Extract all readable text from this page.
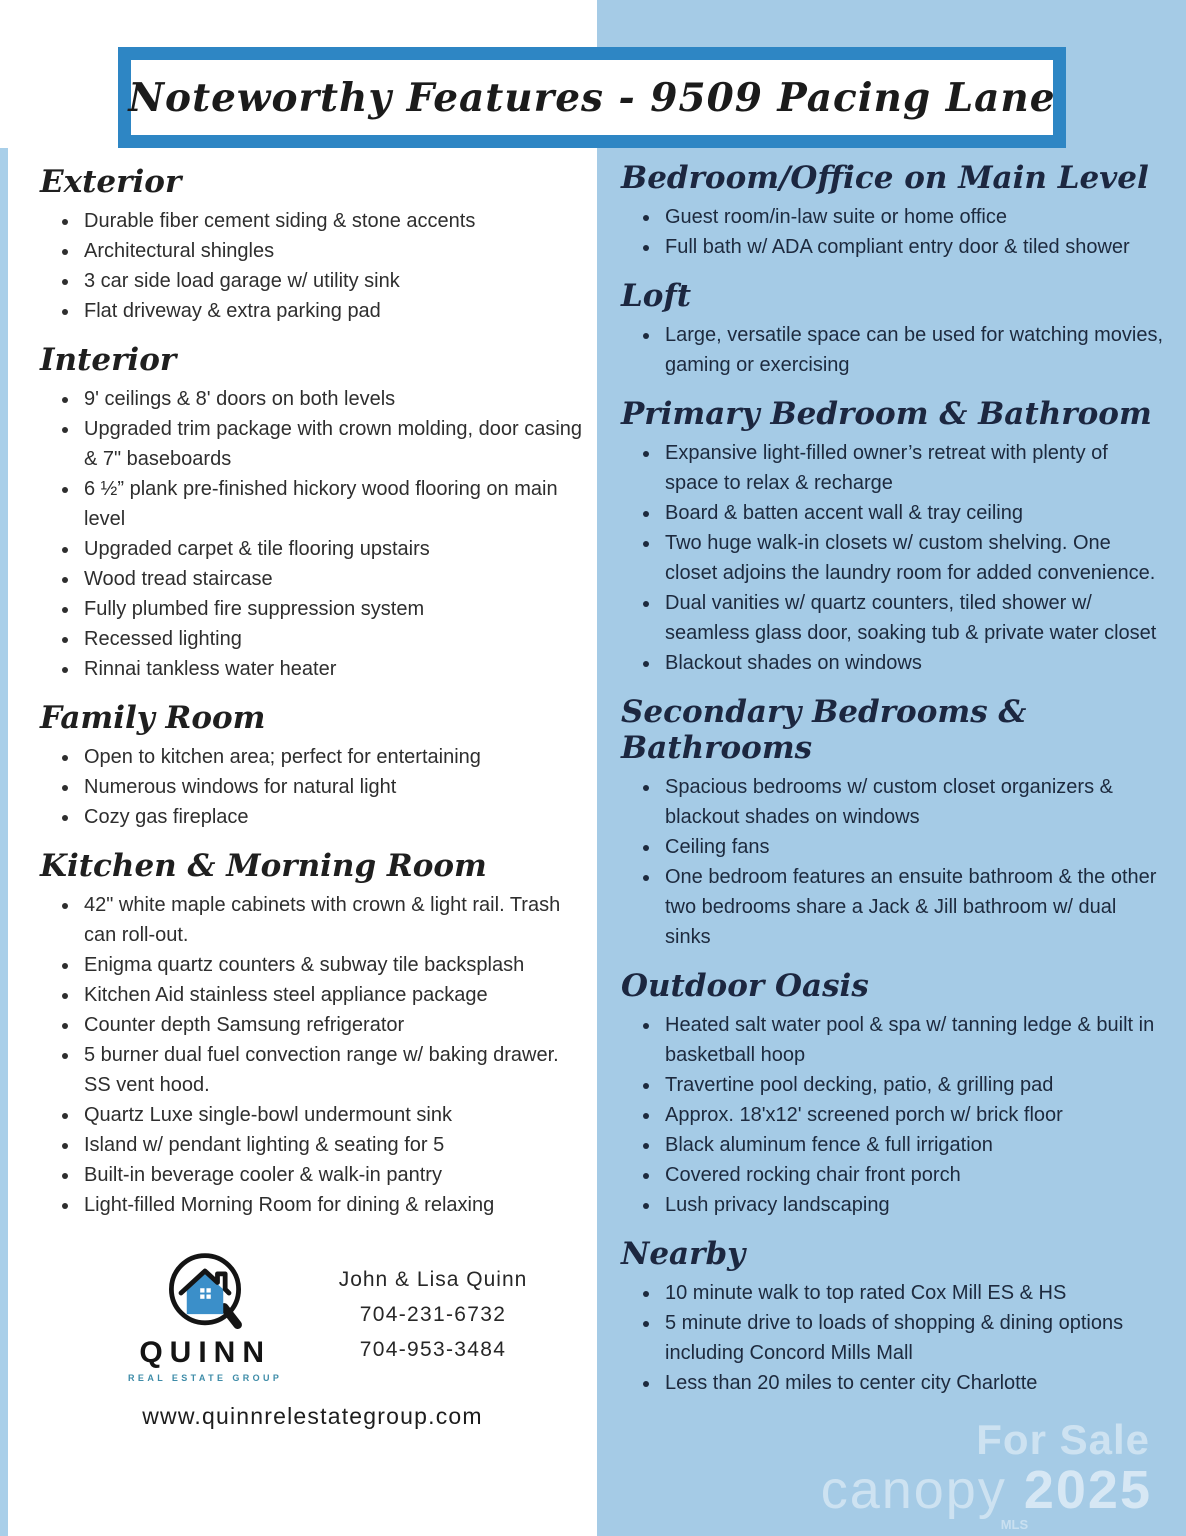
Exterior
• Durable fiber cement siding & stone accents
• Architectural shingles
• 3 car side load garage w/ utility sink
• Flat driveway & extra parking pad
Interior
• 9' ceilings & 8' doors on both levels
• Upgraded trim package with crown molding, door casing & 7" baseboards
• 6 ½” plank pre-finished hickory wood flooring on main level
• Upgraded carpet & tile flooring upstairs
• Wood tread staircase
• Fully plumbed fire suppression system
• Recessed lighting
• Rinnai tankless water heater
Family Room
• Open to kitchen area; perfect for entertaining
• Numerous windows for natural light
• Cozy gas fireplace
Kitchen & Morning Room
• 42" white maple cabinets with crown & light rail. Trash can roll-out.
• Enigma quartz counters & subway tile backsplash
• Kitchen Aid stainless steel appliance package
• Counter depth Samsung refrigerator
• 5 burner dual fuel convection range w/ baking drawer. SS vent hood.
• Quartz Luxe single-bowl undermount sink
• Island w/ pendant lighting & seating for 5
• Built-in beverage cooler & walk-in pantry
• Light-filled Morning Room for dining & relaxing
QUINN
REAL ESTATE GROUP
John & Lisa Quinn
704-231-6732
704-953-3484
www.quinnrelestategroup.com
Bedroom/Office on Main Level
• Guest room/in-law suite or home office
• Full bath w/ ADA compliant entry door & tiled shower
Loft
• Large, versatile space can be used for watching movies, gaming or exercising
Primary Bedroom & Bathroom
• Expansive light-filled owner’s retreat with plenty of space to relax & recharge
• Board & batten accent wall & tray ceiling
• Two huge walk-in closets w/ custom shelving. One closet adjoins the laundry room for added convenience.
• Dual vanities w/ quartz counters, tiled shower w/ seamless glass door, soaking tub & private water closet
• Blackout shades on windows
Secondary Bedrooms & Bathrooms
• Spacious bedrooms w/ custom closet organizers & blackout shades on windows
• Ceiling fans
• One bedroom features an ensuite bathroom & the other two bedrooms share a Jack & Jill bathroom w/ dual sinks
Outdoor Oasis
• Heated salt water pool & spa w/ tanning ledge & built in basketball hoop
• Travertine pool decking, patio, & grilling pad
• Approx. 18'x12' screened porch w/ brick floor
• Black aluminum fence & full irrigation
• Covered rocking chair front porch
• Lush privacy landscaping
Nearby
• 10 minute walk to top rated Cox Mill ES & HS
• 5 minute drive to loads of shopping & dining options including Concord Mills Mall
• Less than 20 miles to center city Charlotte
Noteworthy Features - 9509 Pacing Lane
For Sale
canopy 2025
MLS
